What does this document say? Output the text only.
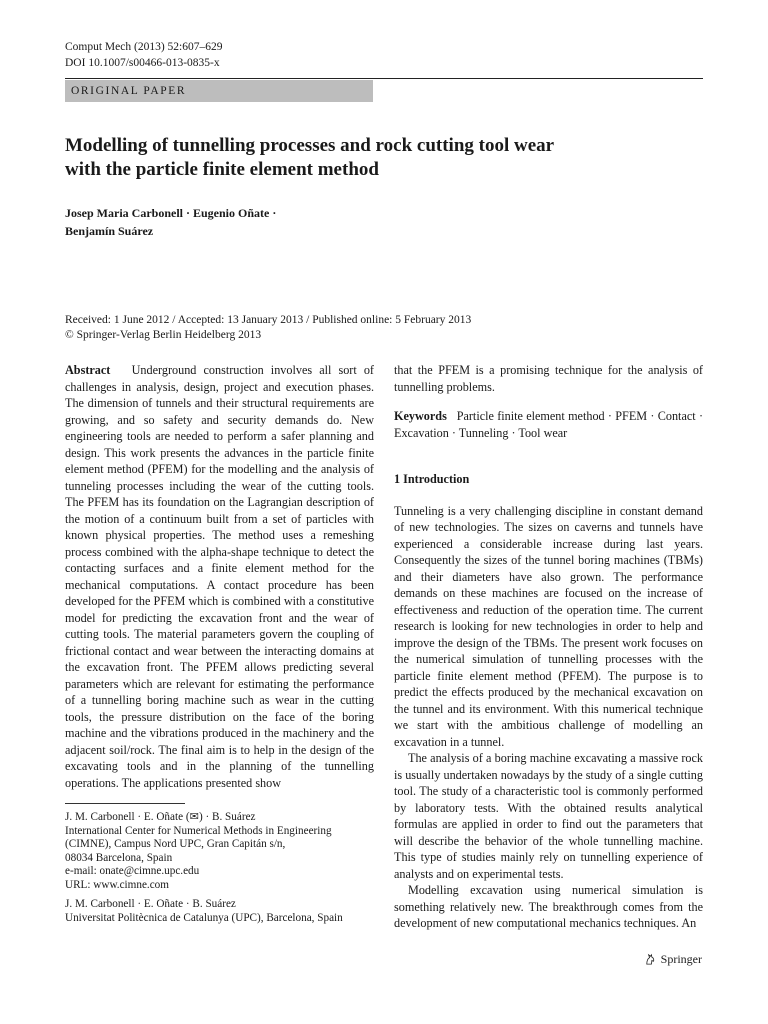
Comput Mech (2013) 52:607–629
DOI 10.1007/s00466-013-0835-x
ORIGINAL PAPER
Modelling of tunnelling processes and rock cutting tool wear
with the particle finite element method
Josep Maria Carbonell · Eugenio Oñate ·
Benjamín Suárez
Received: 1 June 2012 / Accepted: 13 January 2013 / Published online: 5 February 2013
© Springer-Verlag Berlin Heidelberg 2013

Abstract Underground construction involves all sort of challenges in analysis, design, project and execution phases. The dimension of tunnels and their structural requirements are growing, and so safety and security demands do. New engineering tools are needed to perform a safer planning and design. This work presents the advances in the particle finite element method (PFEM) for the modelling and the analysis of tunneling processes including the wear of the cutting tools. The PFEM has its foundation on the Lagrangian description of the motion of a continuum built from a set of particles with known physical properties. The method uses a remeshing process combined with the alpha-shape technique to detect the contacting surfaces and a finite element method for the mechanical computations. A contact procedure has been developed for the PFEM which is combined with a constitutive model for predicting the excavation front and the wear of cutting tools. The material parameters govern the coupling of frictional contact and wear between the interacting domains at the excavation front. The PFEM allows predicting several parameters which are relevant for estimating the performance of a tunnelling boring machine such as wear in the cutting tools, the pressure distribution on the face of the boring machine and the vibrations produced in the machinery and the adjacent soil/rock. The final aim is to help in the design of the excavating tools and in the planning of the tunnelling operations. The applications presented show

that the PFEM is a promising technique for the analysis of tunnelling problems.

Keywords Particle finite element method · PFEM · Contact · Excavation · Tunneling · Tool wear

1 Introduction

Tunneling is a very challenging discipline in constant demand of new technologies. The sizes on caverns and tunnels have experienced a considerable increase during last years. Consequently the sizes of the tunnel boring machines (TBMs) and their diameters have also grown. The performance demands on these machines are focused on the increase of effectiveness and reduction of the operation time. The current research is looking for new technologies in order to help and improve the design of the TBMs. The present work focuses on the numerical simulation of tunnelling processes with the particle finite element method (PFEM). The purpose is to predict the effects produced by the mechanical excavation on the tunnel and its environment. With this numerical technique we start with the ambitious challenge of modelling an excavation in a tunnel.

The analysis of a boring machine excavating a massive rock is usually undertaken nowadays by the study of a single cutting tool. The study of a characteristic tool is commonly performed by laboratory tests. With the obtained results analytical formulas are applied in order to find out the parameters that will describe the behavior of the whole tunnelling machine. This type of studies mainly rely on tunnelling experience of analysts and on experimental tests.

Modelling excavation using numerical simulation is something relatively new. The breakthrough comes from the development of new computational mechanics techniques. An

J. M. Carbonell · E. Oñate (✉) · B. Suárez
International Center for Numerical Methods in Engineering
(CIMNE), Campus Nord UPC, Gran Capitán s/n,
08034 Barcelona, Spain
e-mail: onate@cimne.upc.edu
URL: www.cimne.com
J. M. Carbonell · E. Oñate · B. Suárez
Universitat Politècnica de Catalunya (UPC), Barcelona, Spain
Springer
